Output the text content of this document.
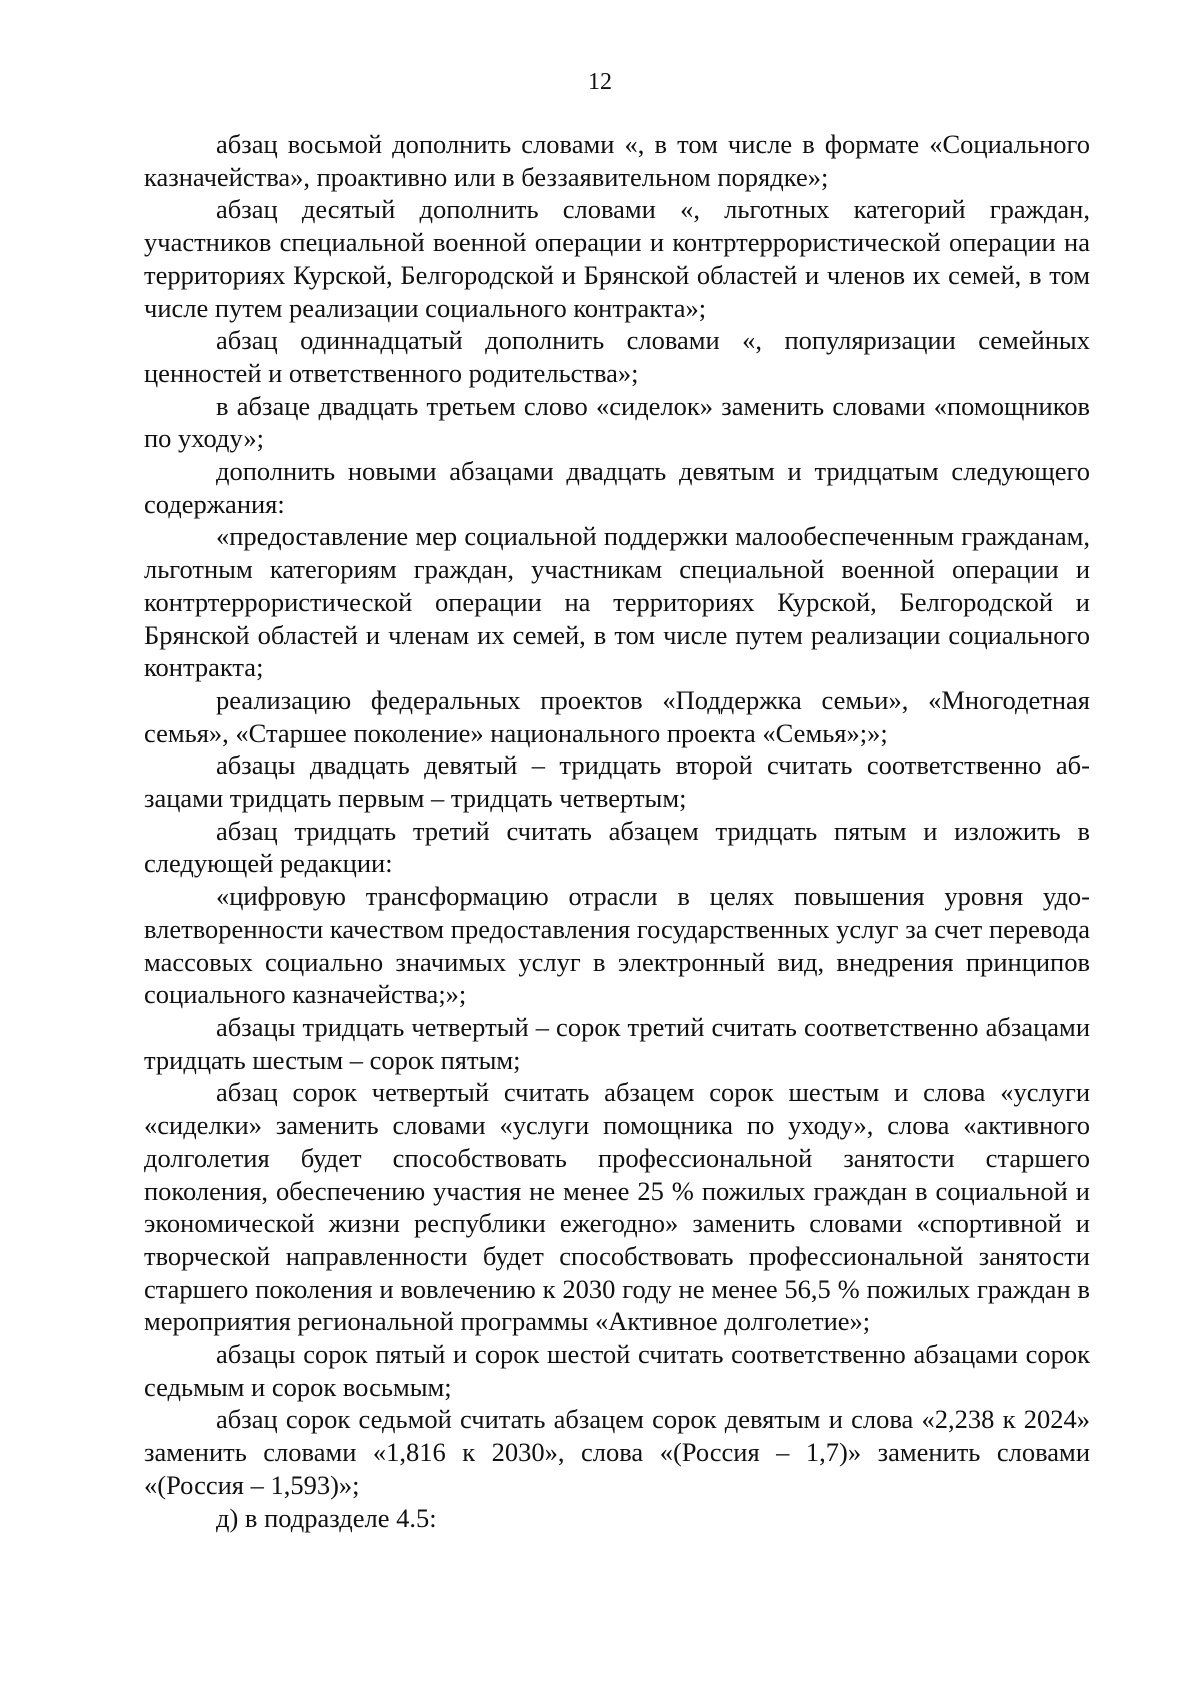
12

абзац восьмой дополнить словами «, в том числе в формате «Социального казначейства», проактивно или в беззаявительном порядке»;

абзац десятый дополнить словами «, льготных категорий граждан, участников специальной военной операции и контртеррористической операции на территориях Курской, Белгородской и Брянской областей и членов их семей, в том числе путем реализации социального контракта»;

абзац одиннадцатый дополнить словами «, популяризации семейных ценностей и ответственного родительства»;

в абзаце двадцать третьем слово «сиделок» заменить словами «помощников по уходу»;

дополнить новыми абзацами двадцать девятым и тридцатым следующего содержания:

«предоставление мер социальной поддержки малообеспеченным гражданам, льготным категориям граждан, участникам специальной военной операции и контртеррористической операции на территориях Курской, Белгородской и Брянской областей и членам их семей, в том числе путем реализации социального контракта;

реализацию федеральных проектов «Поддержка семьи», «Многодетная семья», «Старшее поколение» национального проекта «Семья»;»;

абзацы двадцать девятый – тридцать второй считать соответственно абзацами тридцать первым – тридцать четвертым;

абзац тридцать третий считать абзацем тридцать пятым и изложить в следующей редакции:

«цифровую трансформацию отрасли в целях повышения уровня удовлетворенности качеством предоставления государственных услуг за счет перевода массовых социально значимых услуг в электронный вид, внедрения принципов социального казначейства;»;

абзацы тридцать четвертый – сорок третий считать соответственно абзацами тридцать шестым – сорок пятым;

абзац сорок четвертый считать абзацем сорок шестым и слова «услуги «сиделки» заменить словами «услуги помощника по уходу», слова «активного долголетия будет способствовать профессиональной занятости старшего поколения, обеспечению участия не менее 25 % пожилых граждан в социальной и экономической жизни республики ежегодно» заменить словами «спортивной и творческой направленности будет способствовать профессиональной занятости старшего поколения и вовлечению к 2030 году не менее 56,5 % пожилых граждан в мероприятия региональной программы «Активное долголетие»;

абзацы сорок пятый и сорок шестой считать соответственно абзацами сорок седьмым и сорок восьмым;

абзац сорок седьмой считать абзацем сорок девятым и слова «2,238 к 2024» заменить словами «1,816 к 2030», слова «(Россия – 1,7)» заменить словами «(Россия – 1,593)»;

д) в подразделе 4.5:
